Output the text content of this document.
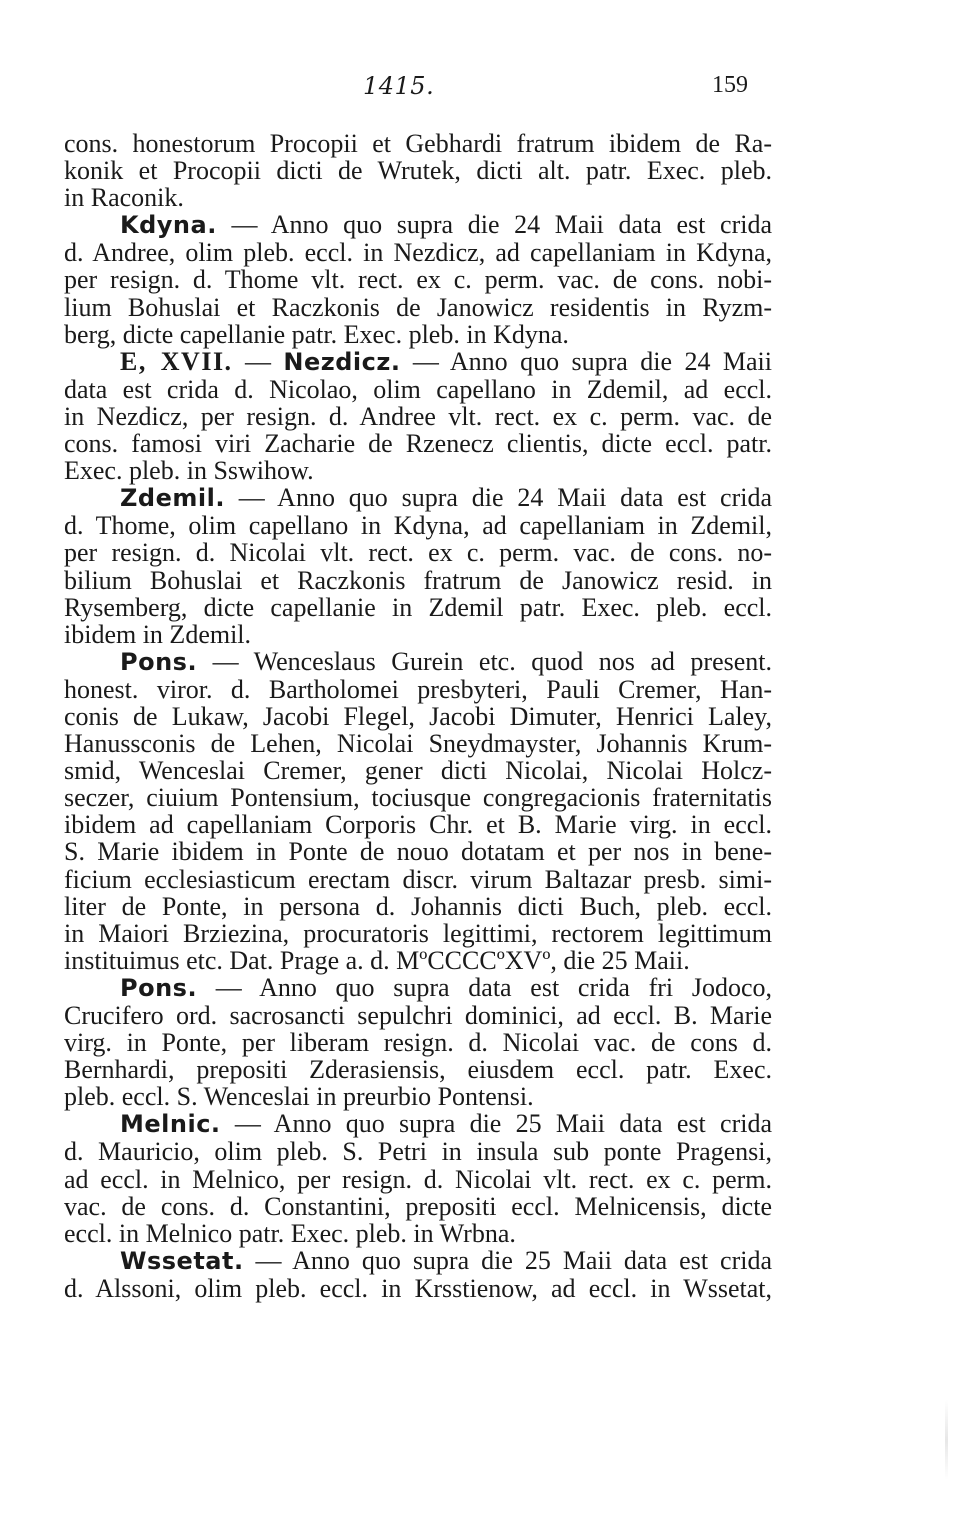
1415.	159
cons. honestorum Procopii et Gebhardi fratrum ibidem de Ra-
konik et Procopii dicti de Wrutek, dicti alt. patr. Exec. pleb.
in Raconik.
Kdyna. — Anno quo supra die 24 Maii data est crida
d. Andree, olim pleb. eccl. in Nezdicz, ad capellaniam in Kdyna,
per resign. d. Thome vlt. rect. ex c. perm. vac. de cons. nobi-
lium Bohuslai et Raczkonis de Janowicz residentis in Ryzm-
berg, dicte capellanie patr. Exec. pleb. in Kdyna.
E, XVII. — Nezdicz. — Anno quo supra die 24 Maii
data est crida d. Nicolao, olim capellano in Zdemil, ad eccl.
in Nezdicz, per resign. d. Andree vlt. rect. ex c. perm. vac. de
cons. famosi viri Zacharie de Rzenecz clientis, dicte eccl. patr.
Exec. pleb. in Sswihow.
Zdemil. — Anno quo supra die 24 Maii data est crida
d. Thome, olim capellano in Kdyna, ad capellaniam in Zdemil,
per resign. d. Nicolai vlt. rect. ex c. perm. vac. de cons. no-
bilium Bohuslai et Raczkonis fratrum de Janowicz resid. in
Rysemberg, dicte capellanie in Zdemil patr. Exec. pleb. eccl.
ibidem in Zdemil.
Pons. — Wenceslaus Gurein etc. quod nos ad present.
honest. viror. d. Bartholomei presbyteri, Pauli Cremer, Han-
conis de Lukaw, Jacobi Flegel, Jacobi Dimuter, Henrici Laley,
Hanussconis de Lehen, Nicolai Sneydmayster, Johannis Krum-
smid, Wenceslai Cremer, gener dicti Nicolai, Nicolai Holcz-
seczer, ciuium Pontensium, tociusque congregacionis fraternitatis
ibidem ad capellaniam Corporis Chr. et B. Marie virg. in eccl.
S. Marie ibidem in Ponte de nouo dotatam et per nos in bene-
ficium ecclesiasticum erectam discr. virum Baltazar presb. simi-
liter de Ponte, in persona d. Johannis dicti Buch, pleb. eccl.
in Maiori Brziezina, procuratoris legittimi, rectorem legittimum
instituimus etc. Dat. Prage a. d. MºCCCCºXVº, die 25 Maii.
Pons. — Anno quo supra data est crida fri Jodoco,
Crucifero ord. sacrosancti sepulchri dominici, ad eccl. B. Marie
virg. in Ponte, per liberam resign. d. Nicolai vac. de cons d.
Bernhardi, prepositi Zderasiensis, eiusdem eccl. patr. Exec.
pleb. eccl. S. Wenceslai in preurbio Pontensi.
Melnic. — Anno quo supra die 25 Maii data est crida
d. Mauricio, olim pleb. S. Petri in insula sub ponte Pragensi,
ad eccl. in Melnico, per resign. d. Nicolai vlt. rect. ex c. perm.
vac. de cons. d. Constantini, prepositi eccl. Melnicensis, dicte
eccl. in Melnico patr. Exec. pleb. in Wrbna.
Wssetat. — Anno quo supra die 25 Maii data est crida
d. Alssoni, olim pleb. eccl. in Krsstienow, ad eccl. in Wssetat,
